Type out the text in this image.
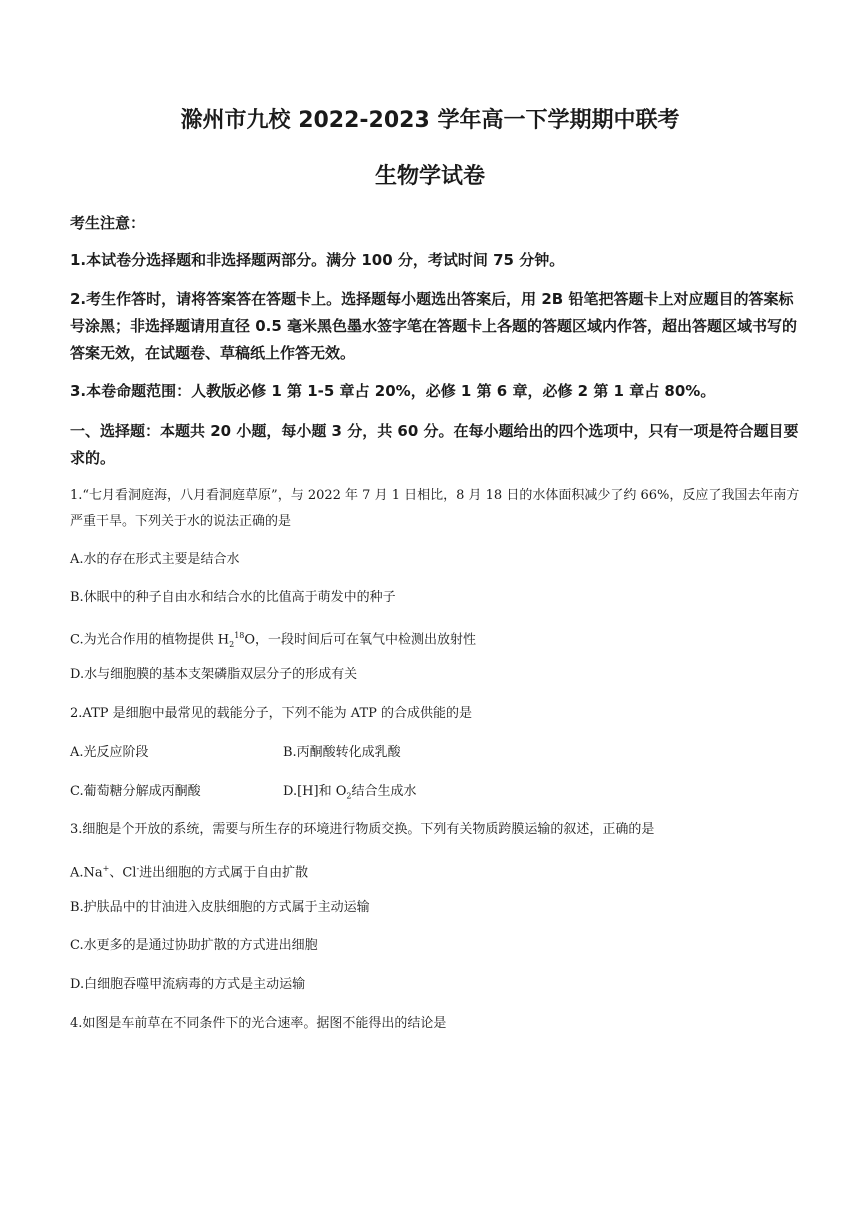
滁州市九校 2022-2023 学年高一下学期期中联考
生物学试卷
考生注意：
1.本试卷分选择题和非选择题两部分。满分 100 分，考试时间 75 分钟。
2.考生作答时，请将答案答在答题卡上。选择题每小题选出答案后，用 2B 铅笔把答题卡上对应题目的答案标号涂黑；非选择题请用直径 0.5 毫米黑色墨水签字笔在答题卡上各题的答题区域内作答，超出答题区域书写的答案无效，在试题卷、草稿纸上作答无效。
3.本卷命题范围：人教版必修 1 第 1-5 章占 20%，必修 1 第 6 章，必修 2 第 1 章占 80%。
一、选择题：本题共 20 小题，每小题 3 分，共 60 分。在每小题给出的四个选项中，只有一项是符合题目要求的。
1.“七月看洞庭海，八月看洞庭草原”，与 2022 年 7 月 1 日相比，8 月 18 日的水体面积减少了约 66%，反应了我国去年南方严重干旱。下列关于水的说法正确的是
A.水的存在形式主要是结合水
B.休眠中的种子自由水和结合水的比值高于萌发中的种子
C.为光合作用的植物提供 $H_2^{18}O$，一段时间后可在氧气中检测出放射性
D.水与细胞膜的基本支架磷脂双层分子的形成有关
2.ATP 是细胞中最常见的载能分子，下列不能为 ATP 的合成供能的是
A.光反应阶段	B.丙酮酸转化成乳酸
C.葡萄糖分解成丙酮酸	D.[H]和 $O_2$结合生成水
3.细胞是个开放的系统，需要与所生存的环境进行物质交换。下列有关物质跨膜运输的叙述，正确的是
A.Na+、Cl-进出细胞的方式属于自由扩散
B.护肤品中的甘油进入皮肤细胞的方式属于主动运输
C.水更多的是通过协助扩散的方式进出细胞
D.白细胞吞噬甲流病毒的方式是主动运输
4.如图是车前草在不同条件下的光合速率。据图不能得出的结论是
